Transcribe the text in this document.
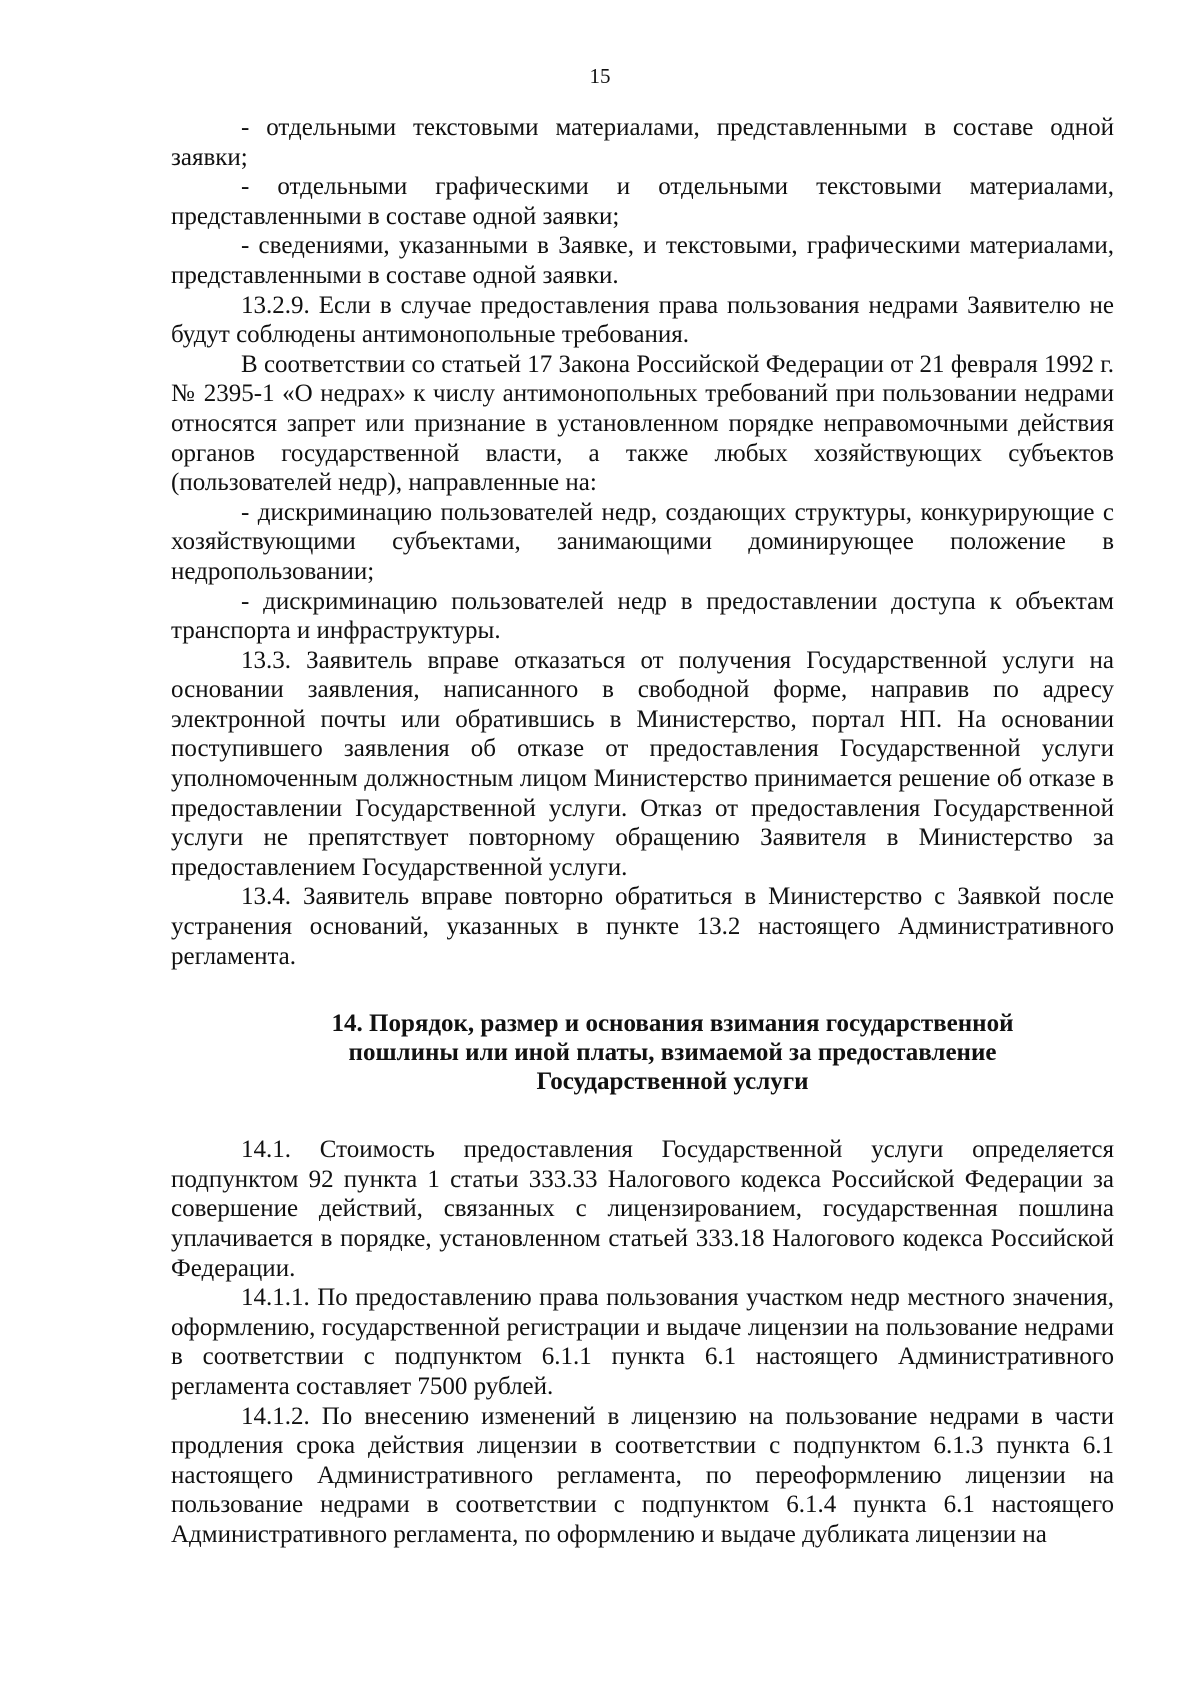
15

- отдельными текстовыми материалами, представленными в составе одной заявки;

- отдельными графическими и отдельными текстовыми материалами, представленными в составе одной заявки;

- сведениями, указанными в Заявке, и текстовыми, графическими материалами, представленными в составе одной заявки.

13.2.9. Если в случае предоставления права пользования недрами Заявителю не будут соблюдены антимонопольные требования.

В соответствии со статьей 17 Закона Российской Федерации от 21 февраля 1992 г. № 2395-1 «О недрах» к числу антимонопольных требований при пользовании недрами относятся запрет или признание в установленном порядке неправомочными действия органов государственной власти, а также любых хозяйствующих субъектов (пользователей недр), направленные на:

- дискриминацию пользователей недр, создающих структуры, конкурирующие с хозяйствующими субъектами, занимающими доминирующее положение в недропользовании;

- дискриминацию пользователей недр в предоставлении доступа к объектам транспорта и инфраструктуры.

13.3. Заявитель вправе отказаться от получения Государственной услуги на основании заявления, написанного в свободной форме, направив по адресу электронной почты или обратившись в Министерство, портал НП. На основании поступившего заявления об отказе от предоставления Государственной услуги уполномоченным должностным лицом Министерство принимается решение об отказе в предоставлении Государственной услуги. Отказ от предоставления Государственной услуги не препятствует повторному обращению Заявителя в Министерство за предоставлением Государственной услуги.

13.4. Заявитель вправе повторно обратиться в Министерство с Заявкой после устранения оснований, указанных в пункте 13.2 настоящего Административного регламента.

14. Порядок, размер и основания взимания государственной
пошлины или иной платы, взимаемой за предоставление
Государственной услуги

14.1. Стоимость предоставления Государственной услуги определяется подпунктом 92 пункта 1 статьи 333.33 Налогового кодекса Российской Федерации за совершение действий, связанных с лицензированием, государственная пошлина уплачивается в порядке, установленном статьей 333.18 Налогового кодекса Российской Федерации.

14.1.1. По предоставлению права пользования участком недр местного значения, оформлению, государственной регистрации и выдаче лицензии на пользование недрами в соответствии с подпунктом 6.1.1 пункта 6.1 настоящего Административного регламента составляет 7500 рублей.

14.1.2. По внесению изменений в лицензию на пользование недрами в части продления срока действия лицензии в соответствии с подпунктом 6.1.3 пункта 6.1 настоящего Административного регламента, по переоформлению лицензии на пользование недрами в соответствии с подпунктом 6.1.4 пункта 6.1 настоящего Административного регламента, по оформлению и выдаче дубликата лицензии на
